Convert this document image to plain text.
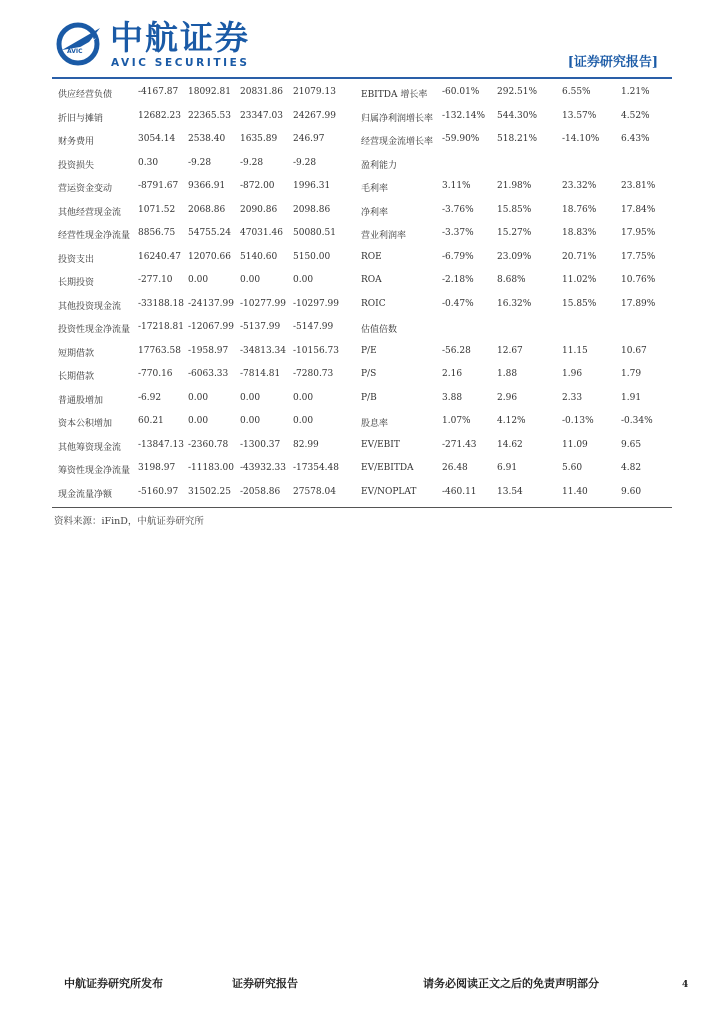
AVIC 中航证券
AVIC SECURITIES	[证券研究报告]
供应经营负债	-4167.87 18092.81 20831.86 21079.13	EBITDA 增长率 -60.01% 292.51%	6.55%	1.21%
折旧与摊销	12682.23 22365.53 23347.03 24267.99	归属净利润增长率 -132.14% 544.30%	13.57%	4.52%
财务费用	3054.14 2538.40 1635.89 246.97	经营现金流增长率 -59.90% 518.21%	-14.10% 6.43%
投资损失	0.30	-9.28	-9.28	-9.28	盈利能力
营运资金变动	-8791.67 9366.91 -872.00 1996.31	毛利率	3.11%	21.98%	23.32%	23.81%
其他经营现金流 1071.52 2068.86 2090.86 2098.86	净利率	-3.76%	15.85%	18.76%	17.84%
经营性现金净流量 8856.75 54755.24 47031.46 50080.51	营业利润率	-3.37%	15.27%	18.83%	17.95%
投资支出	16240.47 12070.66 5140.60 5150.00	ROE	-6.79%	23.09%	20.71%	17.75%
长期投资	-277.10 0.00	0.00	0.00	ROA	-2.18%	8.68%	11.02%	10.76%
其他投资现金流 -33188.18 -24137.99 -10277.99 -10297.99 ROIC	-0.47%	16.32%	15.85%	17.89%
投资性现金净流量 -17218.81 -12067.99 -5137.99 -5147.99	估值倍数
短期借款	17763.58 -1958.97 -34813.34 -10156.73 P/E	-56.28	12.67	11.15	10.67
长期借款	-770.16 -6063.33 -7814.81 -7280.73	P/S	2.16	1.88	1.96	1.79
普通股增加	-6.92	0.00	0.00	0.00	P/B	3.88	2.96	2.33	1.91
资本公积增加	60.21	0.00	0.00	0.00	股息率	1.07%	4.12%	-0.13%	-0.34%
其他筹资现金流 -13847.13 -2360.78 -1300.37 82.99	EV/EBIT	-271.43 14.62	11.09	9.65
筹资性现金净流量 3198.97 -11183.00 -43932.33 -17354.48 EV/EBITDA	26.48	6.91	5.60	4.82
现金流量净额	-5160.97 31502.25 -2058.86 27578.04	EV/NOPLAT	-460.11 13.54	11.40	9.60
资料来源：iFinD，中航证券研究所
中航证券研究所发布	证券研究报告	请务必阅读正文之后的免责声明部分	4
